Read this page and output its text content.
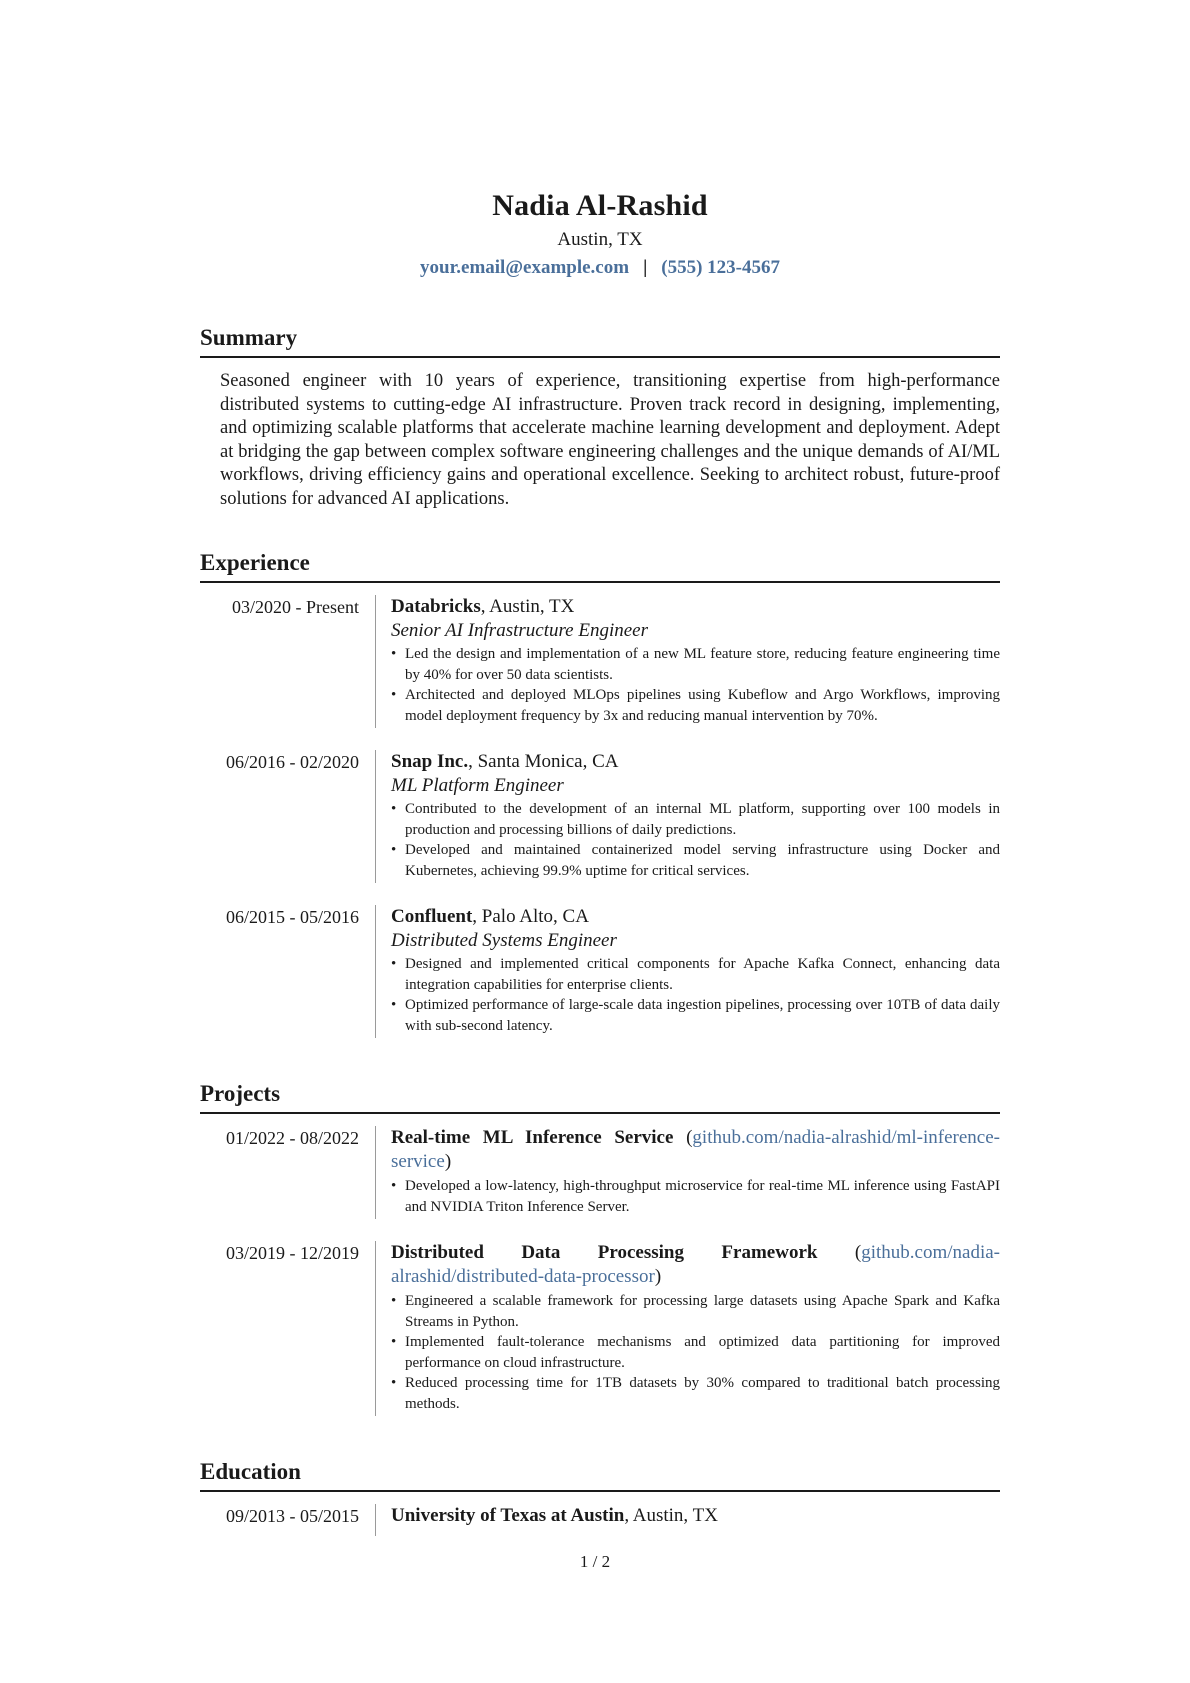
Nadia Al-Rashid
Austin, TX
your.email@example.com | (555) 123-4567
Summary
Seasoned engineer with 10 years of experience, transitioning expertise from high-performance distributed systems to cutting-edge AI infrastructure. Proven track record in designing, implementing, and optimizing scalable platforms that accelerate machine learning development and deployment. Adept at bridging the gap between complex software engineering challenges and the unique demands of AI/ML workflows, driving efficiency gains and operational excellence. Seeking to architect robust, future-proof solutions for advanced AI applications.
Experience
03/2020 - Present	Databricks, Austin, TX
Senior AI Infrastructure Engineer
• Led the design and implementation of a new ML feature store, reducing feature engineering time by 40% for over 50 data scientists.
• Architected and deployed MLOps pipelines using Kubeflow and Argo Workflows, improving model deployment frequency by 3x and reducing manual intervention by 70%.
06/2016 - 02/2020	Snap Inc., Santa Monica, CA
ML Platform Engineer
• Contributed to the development of an internal ML platform, supporting over 100 models in production and processing billions of daily predictions.
• Developed and maintained containerized model serving infrastructure using Docker and Kubernetes, achieving 99.9% uptime for critical services.
06/2015 - 05/2016	Confluent, Palo Alto, CA
Distributed Systems Engineer
• Designed and implemented critical components for Apache Kafka Connect, enhancing data integration capabilities for enterprise clients.
• Optimized performance of large-scale data ingestion pipelines, processing over 10TB of data daily with sub-second latency.
Projects
01/2022 - 08/2022	Real-time ML Inference Service (github.com/nadia-alrashid/ml-inference-service)
• Developed a low-latency, high-throughput microservice for real-time ML inference using FastAPI and NVIDIA Triton Inference Server.
03/2019 - 12/2019	Distributed Data Processing Framework (github.com/nadia-alrashid/distributed-data-processor)
• Engineered a scalable framework for processing large datasets using Apache Spark and Kafka Streams in Python.
• Implemented fault-tolerance mechanisms and optimized data partitioning for improved performance on cloud infrastructure.
• Reduced processing time for 1TB datasets by 30% compared to traditional batch processing methods.
Education
09/2013 - 05/2015	University of Texas at Austin, Austin, TX
1 / 2
